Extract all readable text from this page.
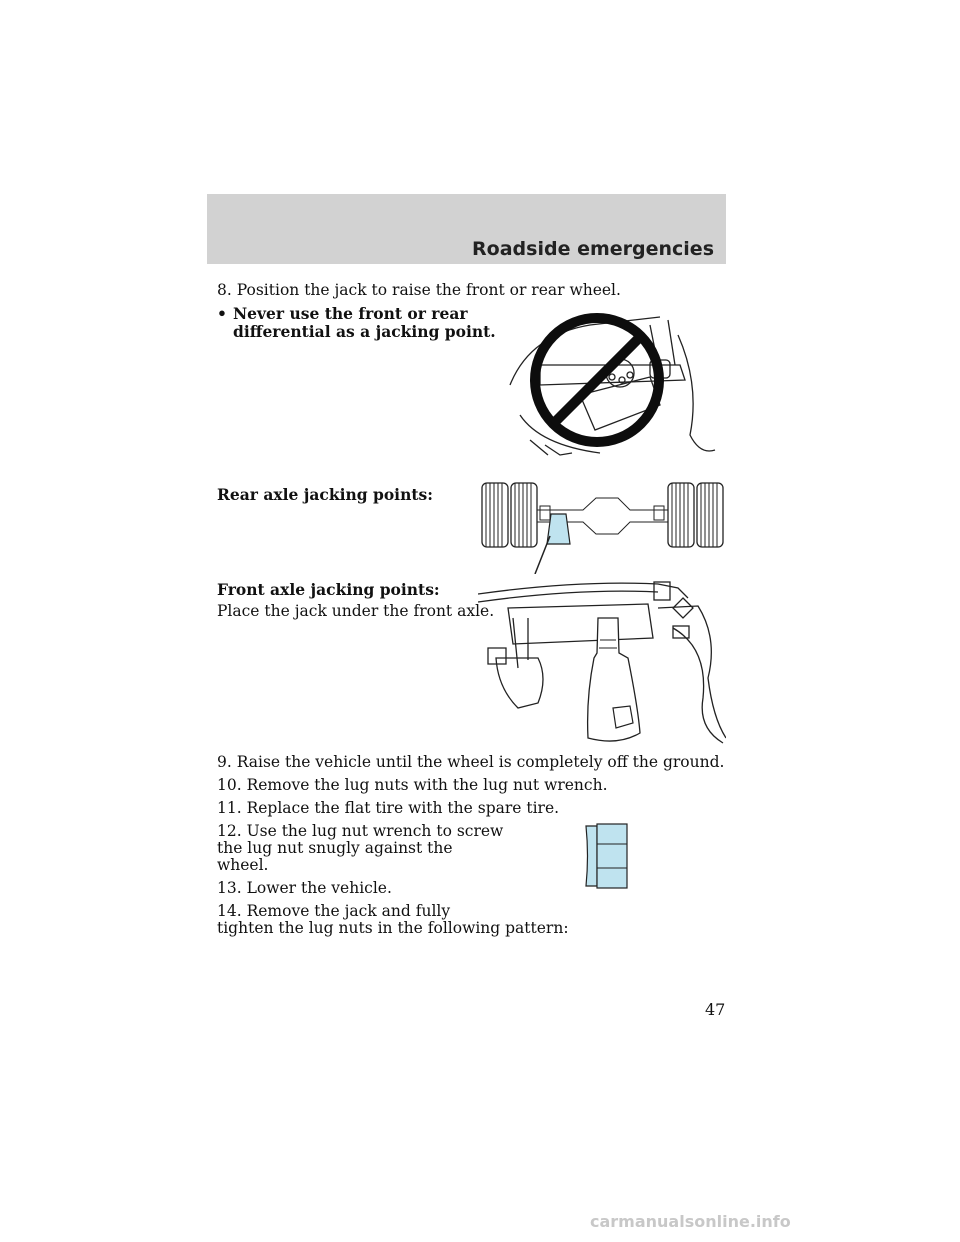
Roadside emergencies
8. Position the jack to raise the front or rear wheel.
• Never use the front or rear
differential as a jacking point.
Rear axle jacking points:
Front axle jacking points:
Place the jack under the front axle.
9. Raise the vehicle until the wheel is completely off the ground.
10. Remove the lug nuts with the lug nut wrench.
11. Replace the flat tire with the spare tire.
12. Use the lug nut wrench to screw
the lug nut snugly against the
wheel.
13. Lower the vehicle.
14. Remove the jack and fully
tighten the lug nuts in the following pattern:
47
carmanualsonline.info
